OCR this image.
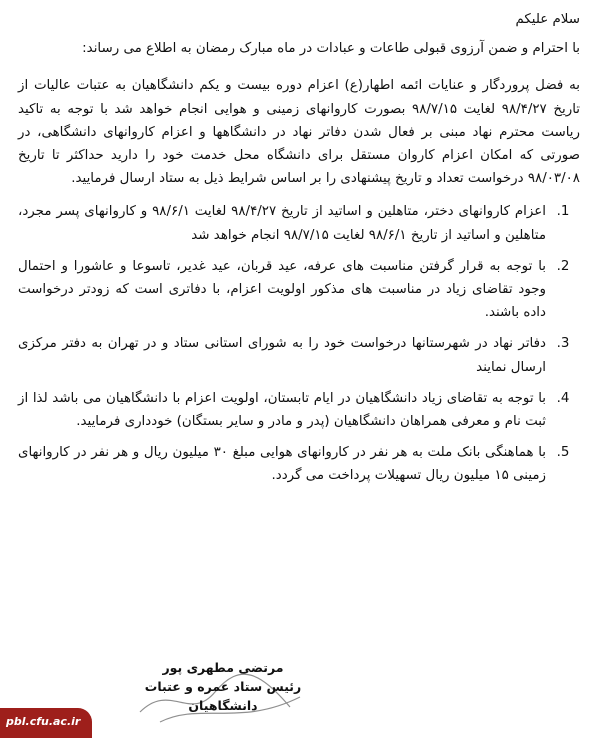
سلام علیکم

با احترام و ضمن آرزوی قبولی طاعات و عبادات در ماه مبارک رمضان به اطلاع می رساند:

به فضل پروردگار و عنایات ائمه اطهار(ع) اعزام دوره بیست و یکم دانشگاهیان به عتبات عالیات از تاریخ ۹۸/۴/۲۷ لغایت ۹۸/۷/۱۵ بصورت کاروانهای زمینی و هوایی انجام خواهد شد با توجه به تاکید ریاست محترم نهاد مبنی بر فعال شدن دفاتر نهاد در دانشگاهها و اعزام کاروانهای دانشگاهی، در صورتی که امکان اعزام کاروان مستقل برای دانشگاه محل خدمت خود را دارید حداکثر تا تاریخ ۹۸/۰۳/۰۸ درخواست تعداد و تاریخ پیشنهادی را بر اساس شرایط ذیل به ستاد ارسال فرمایید.

1.
اعزام کاروانهای دختر، متاهلین و اساتید از تاریخ ۹۸/۴/۲۷ لغایت ۹۸/۶/۱ و کاروانهای پسر مجرد، متاهلین و اساتید از تاریخ ۹۸/۶/۱ لغایت ۹۸/۷/۱۵ انجام خواهد شد
2.
با توجه به قرار گرفتن مناسبت های عرفه، عید قربان، عید غدیر، تاسوعا و عاشورا و احتمال وجود تقاضای زیاد در مناسبت های مذکور اولویت اعزام، با دفاتری است که زودتر درخواست داده باشند.
3.
دفاتر نهاد در شهرستانها درخواست خود را به شورای استانی ستاد و در تهران به دفتر مرکزی ارسال نمایند
4.
با توجه به تقاضای زیاد دانشگاهیان در ایام تابستان، اولویت اعزام با دانشگاهیان می باشد لذا از ثبت نام و معرفی همراهان دانشگاهیان (پدر و مادر و سایر بستگان) خودداری فرمایید.
5.
با هماهنگی بانک ملت به هر نفر در کاروانهای هوایی مبلغ ۳۰ میلیون ریال و هر نفر در کاروانهای زمینی ۱۵ میلیون ریال تسهیلات پرداخت می گردد.
مرتضی مطهری پور
رئیس ستاد عمره و عتبات
دانشگاهیان
pbl.cfu.ac.ir
